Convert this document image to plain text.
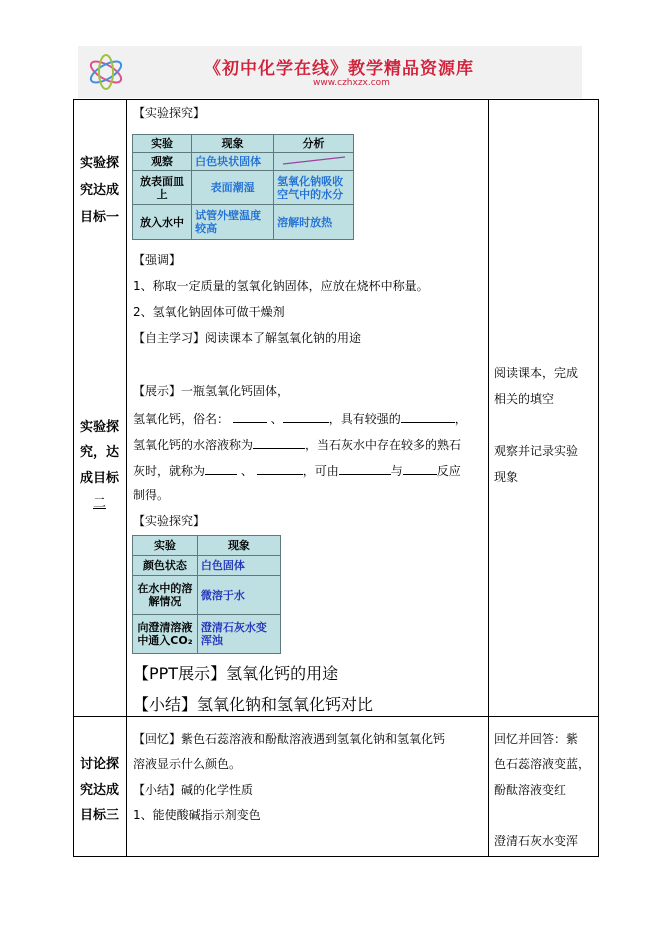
《初中化学在线》教学精品资源库
www.czhxzx.com
实验探
究达成
目标一
实验探
究，达
成目标
二
讨论探
究达成
目标三
【实验探究】
实验	现象	分析
观察	白色块状固体	
放表面皿上	表面潮湿	氢氧化钠吸收空气中的水分
放入水中	试管外壁温度较高	溶解时放热
【强调】
1、称取一定质量的氢氧化钠固体，应放在烧杯中称量。
2、氢氧化钠固体可做干燥剂
【自主学习】阅读课本了解氢氧化钠的用途
【展示】一瓶氢氧化钙固体，
氢氧化钙，俗名：	、	，具有较强的	，
氢氧化钙的水溶液称为	，当石灰水中存在较多的熟石
灰时，就称为	、	，可由	与	反应
制得。
【实验探究】
实验	现象
颜色状态	白色固体
在水中的溶解情况	微溶于水
向澄清溶液中通入CO₂	澄清石灰水变浑浊
【PPT展示】氢氧化钙的用途
【小结】氢氧化钠和氢氧化钙对比
阅读课本，完成
相关的填空
观察并记录实验
现象
【回忆】紫色石蕊溶液和酚酞溶液遇到氢氧化钠和氢氧化钙
溶液显示什么颜色。
【小结】碱的化学性质
1、能使酸碱指示剂变色
回忆并回答：紫
色石蕊溶液变蓝，
酚酞溶液变红
澄清石灰水变浑
